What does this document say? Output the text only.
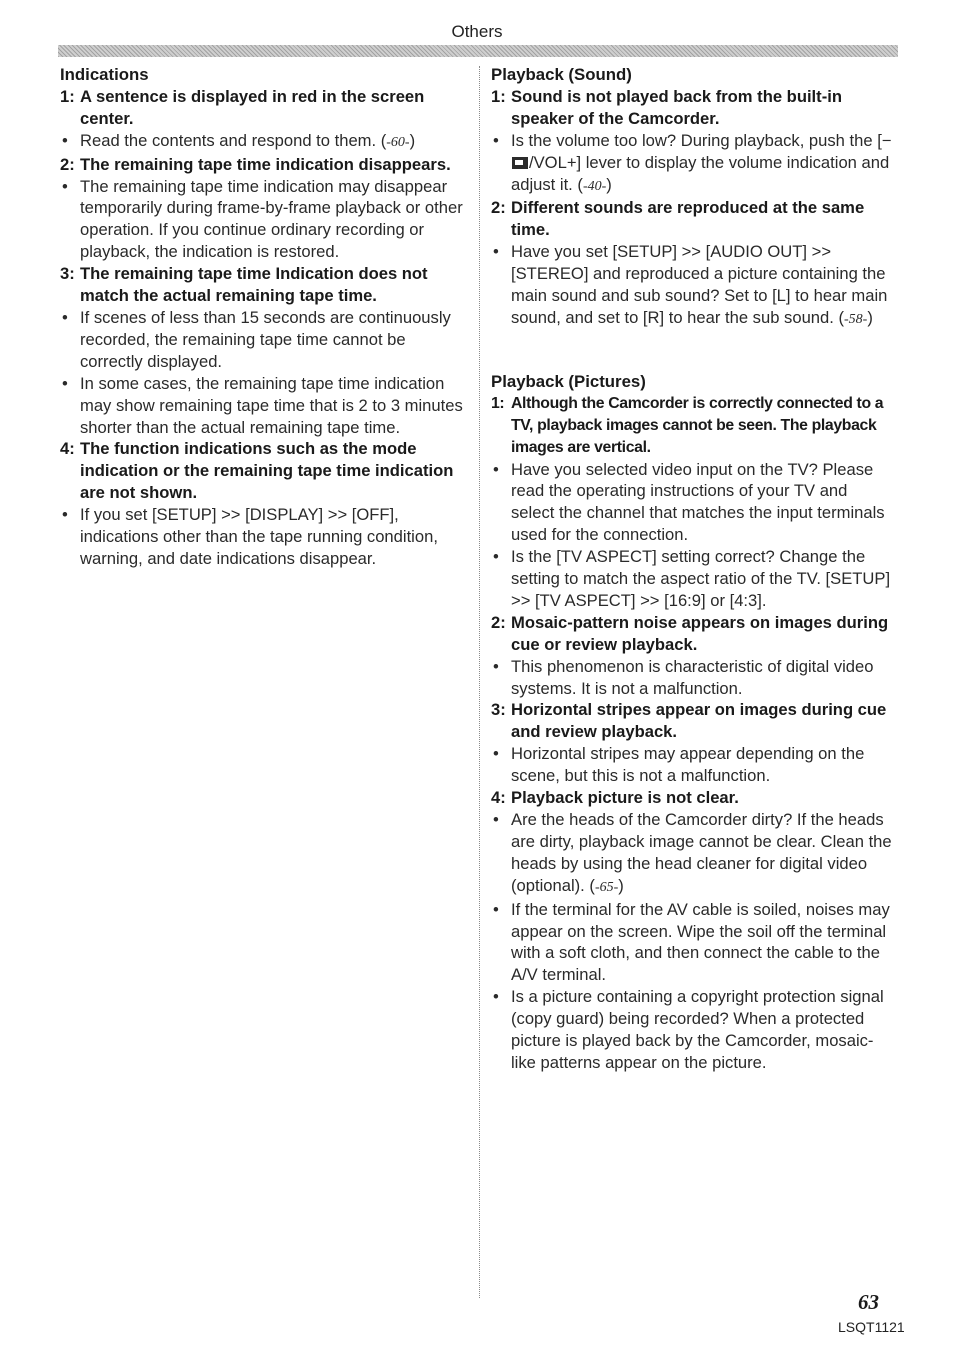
Others
Indications
1: A sentence is displayed in red in the screen center.
• Read the contents and respond to them. (-60-)
2: The remaining tape time indication disappears.
• The remaining tape time indication may disappear temporarily during frame-by-frame playback or other operation. If you continue ordinary recording or playback, the indication is restored.
3: The remaining tape time Indication does not match the actual remaining tape time.
• If scenes of less than 15 seconds are continuously recorded, the remaining tape time cannot be correctly displayed.
• In some cases, the remaining tape time indication may show remaining tape time that is 2 to 3 minutes shorter than the actual remaining tape time.
4: The function indications such as the mode indication or the remaining tape time indication are not shown.
• If you set [SETUP] >> [DISPLAY] >> [OFF], indications other than the tape running condition, warning, and date indications disappear.
Playback (Sound)
1: Sound is not played back from the built-in speaker of the Camcorder.
• Is the volume too low? During playback, push the [−/VOL+] lever to display the volume indication and adjust it. (-40-)
2: Different sounds are reproduced at the same time.
• Have you set [SETUP] >> [AUDIO OUT] >> [STEREO] and reproduced a picture containing the main sound and sub sound? Set to [L] to hear main sound, and set to [R] to hear the sub sound. (-58-)
Playback (Pictures)
1: Although the Camcorder is correctly connected to a TV, playback images cannot be seen. The playback images are vertical.
• Have you selected video input on the TV? Please read the operating instructions of your TV and select the channel that matches the input terminals used for the connection.
• Is the [TV ASPECT] setting correct? Change the setting to match the aspect ratio of the TV. [SETUP] >> [TV ASPECT] >> [16:9] or [4:3].
2: Mosaic-pattern noise appears on images during cue or review playback.
• This phenomenon is characteristic of digital video systems. It is not a malfunction.
3: Horizontal stripes appear on images during cue and review playback.
• Horizontal stripes may appear depending on the scene, but this is not a malfunction.
4: Playback picture is not clear.
• Are the heads of the Camcorder dirty? If the heads are dirty, playback image cannot be clear. Clean the heads by using the head cleaner for digital video (optional). (-65-)
• If the terminal for the AV cable is soiled, noises may appear on the screen. Wipe the soil off the terminal with a soft cloth, and then connect the cable to the A/V terminal.
• Is a picture containing a copyright protection signal (copy guard) being recorded? When a protected picture is played back by the Camcorder, mosaic-like patterns appear on the picture.
63
LSQT1121
